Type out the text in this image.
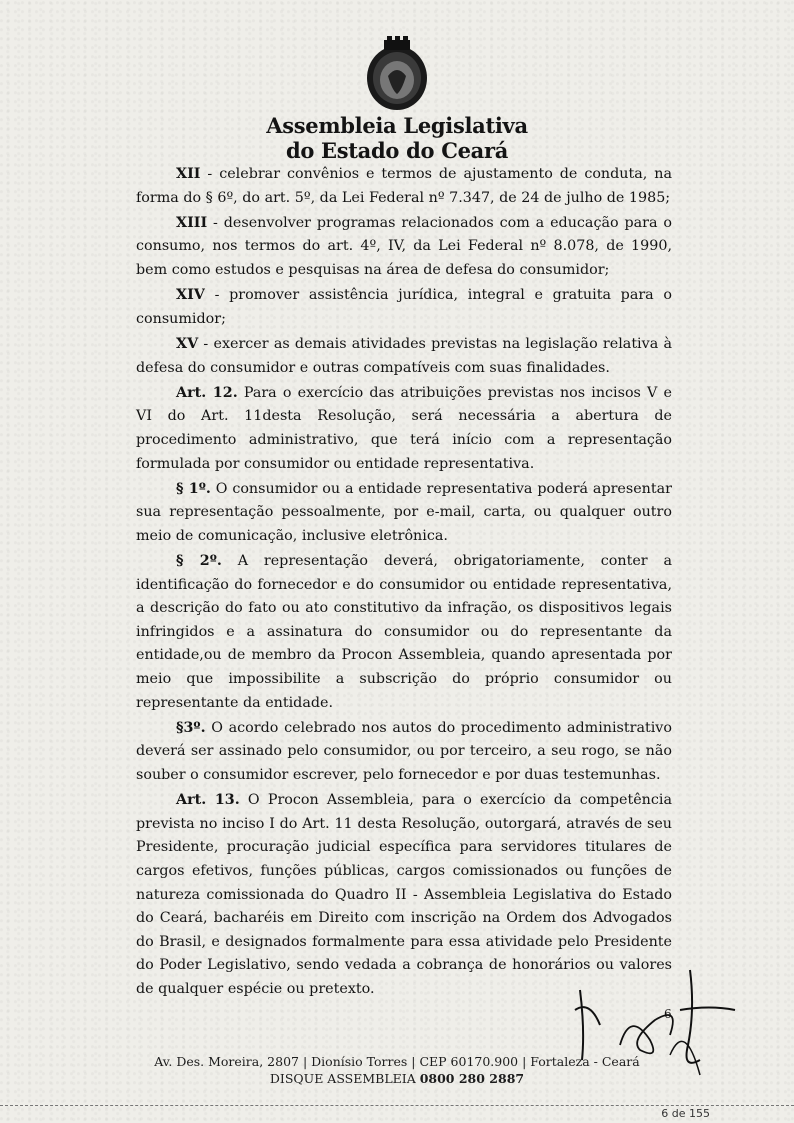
Assembleia Legislativa
do Estado do Ceará

XII - celebrar convênios e termos de ajustamento de conduta, na forma do § 6º, do art. 5º, da Lei Federal nº 7.347, de 24 de julho de 1985;

XIII - desenvolver programas relacionados com a educação para o consumo, nos termos do art. 4º, IV, da Lei Federal nº 8.078, de 1990, bem como estudos e pesquisas na área de defesa do consumidor;

XIV - promover assistência jurídica, integral e gratuita para o consumidor;

XV - exercer as demais atividades previstas na legislação relativa à defesa do consumidor e outras compatíveis com suas finalidades.

Art. 12. Para o exercício das atribuições previstas nos incisos V e VI do Art. 11desta Resolução, será necessária a abertura de procedimento administrativo, que terá início com a representação formulada por consumidor ou entidade representativa.

§ 1º. O consumidor ou a entidade representativa poderá apresentar sua representação pessoalmente, por e-mail, carta, ou qualquer outro meio de comunicação, inclusive eletrônica.

§ 2º. A representação deverá, obrigatoriamente, conter a identificação do fornecedor e do consumidor ou entidade representativa, a descrição do fato ou ato constitutivo da infração, os dispositivos legais infringidos e a assinatura do consumidor ou do representante da entidade,ou de membro da Procon Assembleia, quando apresentada por meio que impossibilite a subscrição do próprio consumidor ou representante da entidade.

§3º. O acordo celebrado nos autos do procedimento administrativo deverá ser assinado pelo consumidor, ou por terceiro, a seu rogo, se não souber o consumidor escrever, pelo fornecedor e por duas testemunhas.

Art. 13. O Procon Assembleia, para o exercício da competência prevista no inciso I do Art. 11 desta Resolução, outorgará, através de seu Presidente, procuração judicial específica para servidores titulares de cargos efetivos, funções públicas, cargos comissionados ou funções de natureza comissionada do Quadro II - Assembleia Legislativa do Estado do Ceará, bacharéis em Direito com inscrição na Ordem dos Advogados do Brasil, e designados formalmente para essa atividade pelo Presidente do Poder Legislativo, sendo vedada a cobrança de honorários ou valores de qualquer espécie ou pretexto.

6
Av. Des. Moreira, 2807 | Dionísio Torres | CEP 60170.900 | Fortaleza - Ceará
DISQUE ASSEMBLEIA 0800 280 2887
6 de 155
